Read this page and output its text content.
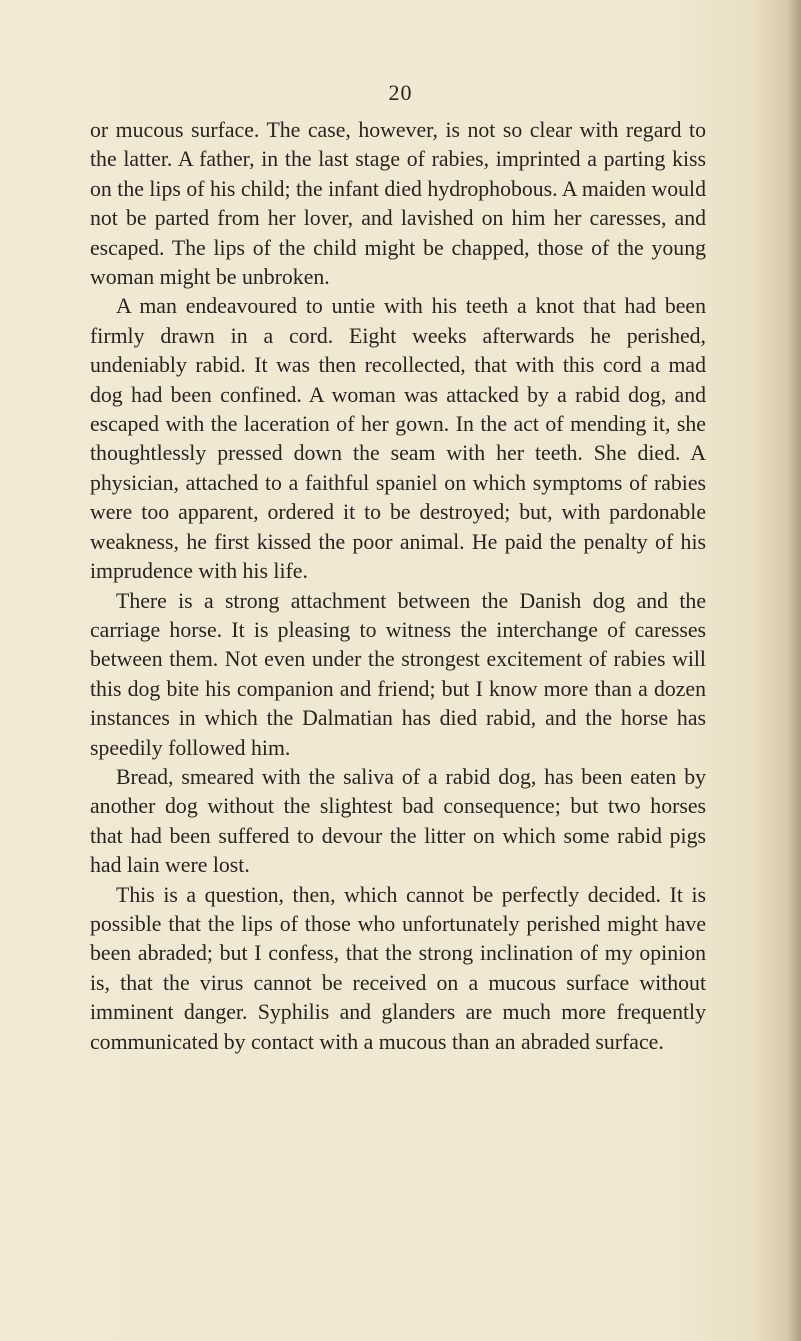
20

or mucous surface. The case, however, is not so clear with regard to the latter. A father, in the last stage of rabies, imprinted a parting kiss on the lips of his child; the infant died hydrophobous. A maiden would not be parted from her lover, and lavished on him her caresses, and escaped. The lips of the child might be chapped, those of the young woman might be unbroken.

A man endeavoured to untie with his teeth a knot that had been firmly drawn in a cord. Eight weeks afterwards he perished, undeniably rabid. It was then recollected, that with this cord a mad dog had been confined. A woman was attacked by a rabid dog, and escaped with the laceration of her gown. In the act of mending it, she thoughtlessly pressed down the seam with her teeth. She died. A physician, attached to a faithful spaniel on which symptoms of rabies were too apparent, ordered it to be destroyed; but, with pardonable weakness, he first kissed the poor animal. He paid the penalty of his imprudence with his life.

There is a strong attachment between the Danish dog and the carriage horse. It is pleasing to witness the interchange of caresses between them. Not even under the strongest excitement of rabies will this dog bite his companion and friend; but I know more than a dozen instances in which the Dalmatian has died rabid, and the horse has speedily followed him.

Bread, smeared with the saliva of a rabid dog, has been eaten by another dog without the slightest bad consequence; but two horses that had been suffered to devour the litter on which some rabid pigs had lain were lost.

This is a question, then, which cannot be perfectly decided. It is possible that the lips of those who unfortunately perished might have been abraded; but I confess, that the strong inclination of my opinion is, that the virus cannot be received on a mucous surface without imminent danger. Syphilis and glanders are much more frequently communicated by contact with a mucous than an abraded surface.
